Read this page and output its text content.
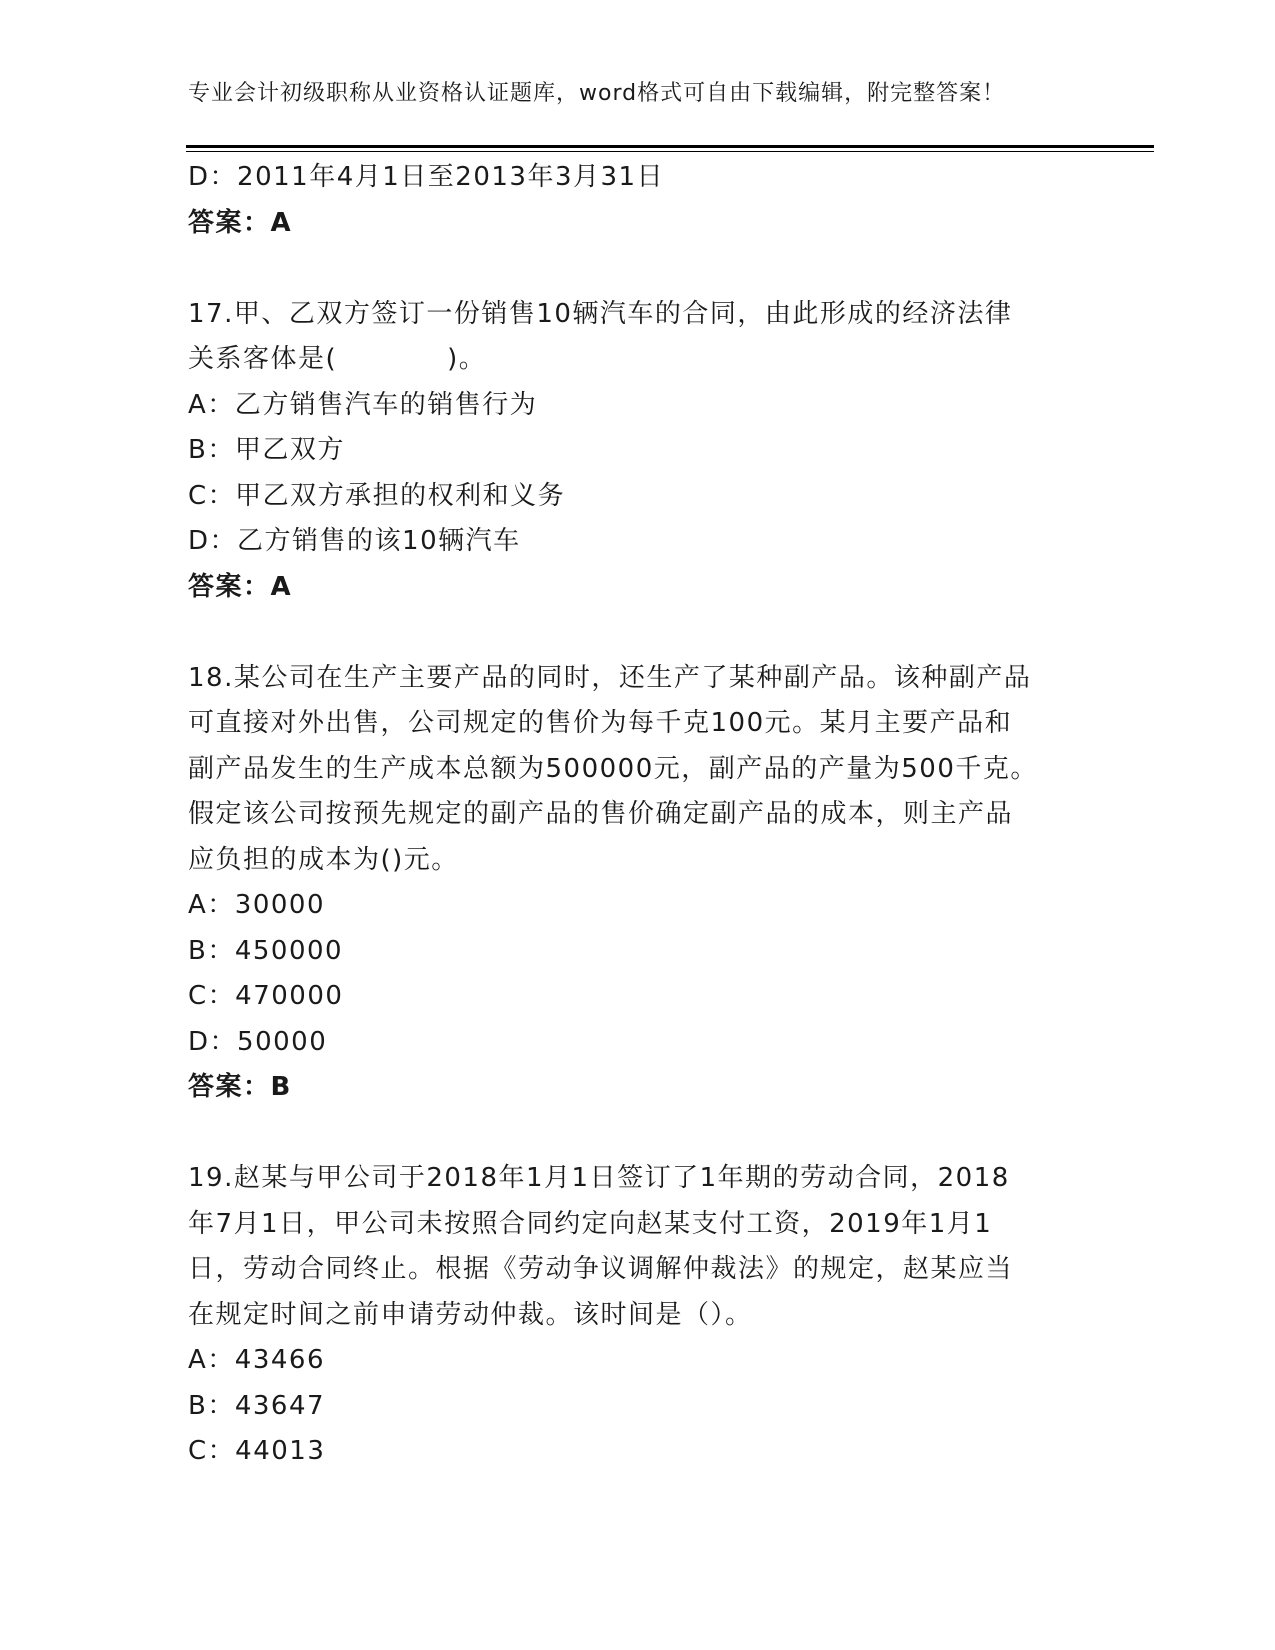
专业会计初级职称从业资格认证题库，word格式可自由下载编辑，附完整答案！
D：2011年4月1日至2013年3月31日
答案：A
17.甲、乙双方签订一份销售10辆汽车的合同，由此形成的经济法律
关系客体是(　　　　)。
A：乙方销售汽车的销售行为
B：甲乙双方
C：甲乙双方承担的权利和义务
D：乙方销售的该10辆汽车
答案：A
18.某公司在生产主要产品的同时，还生产了某种副产品。该种副产品
可直接对外出售，公司规定的售价为每千克100元。某月主要产品和
副产品发生的生产成本总额为500000元，副产品的产量为500千克。
假定该公司按预先规定的副产品的售价确定副产品的成本，则主产品
应负担的成本为()元。
A：30000
B：450000
C：470000
D：50000
答案：B
19.赵某与甲公司于2018年1月1日签订了1年期的劳动合同，2018
年7月1日，甲公司未按照合同约定向赵某支付工资，2019年1月1
日，劳动合同终止。根据《劳动争议调解仲裁法》的规定，赵某应当
在规定时间之前申请劳动仲裁。该时间是（）。
A：43466
B：43647
C：44013
